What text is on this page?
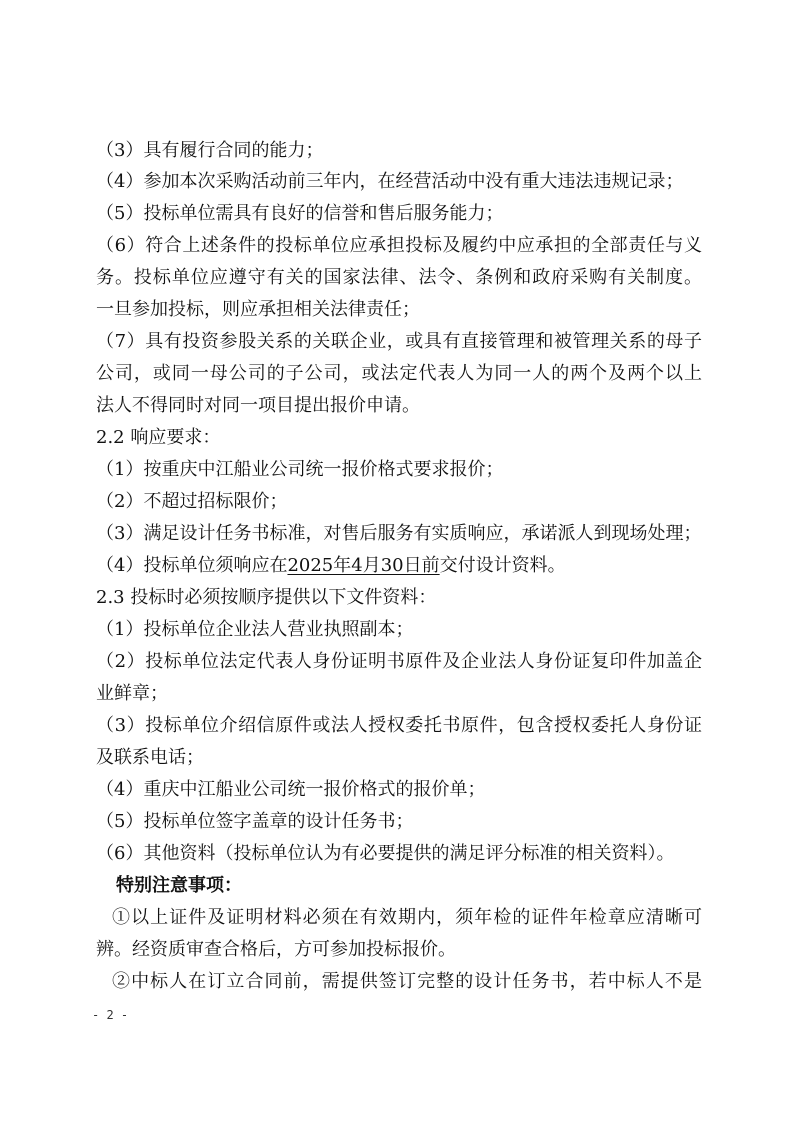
（3）具有履行合同的能力；
（4）参加本次采购活动前三年内，在经营活动中没有重大违法违规记录；
（5）投标单位需具有良好的信誉和售后服务能力；
（6）符合上述条件的投标单位应承担投标及履约中应承担的全部责任与义
务。投标单位应遵守有关的国家法律、法令、条例和政府采购有关制度。
一旦参加投标，则应承担相关法律责任；
（7）具有投资参股关系的关联企业，或具有直接管理和被管理关系的母子
公司，或同一母公司的子公司，或法定代表人为同一人的两个及两个以上
法人不得同时对同一项目提出报价申请。
2.2 响应要求：
（1）按重庆中江船业公司统一报价格式要求报价；
（2）不超过招标限价；
（3）满足设计任务书标准，对售后服务有实质响应，承诺派人到现场处理；
（4）投标单位须响应在2025年4月30日前交付设计资料。
2.3 投标时必须按顺序提供以下文件资料：
（1）投标单位企业法人营业执照副本；
（2）投标单位法定代表人身份证明书原件及企业法人身份证复印件加盖企
业鲜章；
（3）投标单位介绍信原件或法人授权委托书原件，包含授权委托人身份证
及联系电话；
（4）重庆中江船业公司统一报价格式的报价单；
（5）投标单位签字盖章的设计任务书；
（6）其他资料（投标单位认为有必要提供的满足评分标准的相关资料）。
特别注意事项：
①以上证件及证明材料必须在有效期内，须年检的证件年检章应清晰可
辨。经资质审查合格后，方可参加投标报价。
②中标人在订立合同前，需提供签订完整的设计任务书，若中标人不是
- 2 -
